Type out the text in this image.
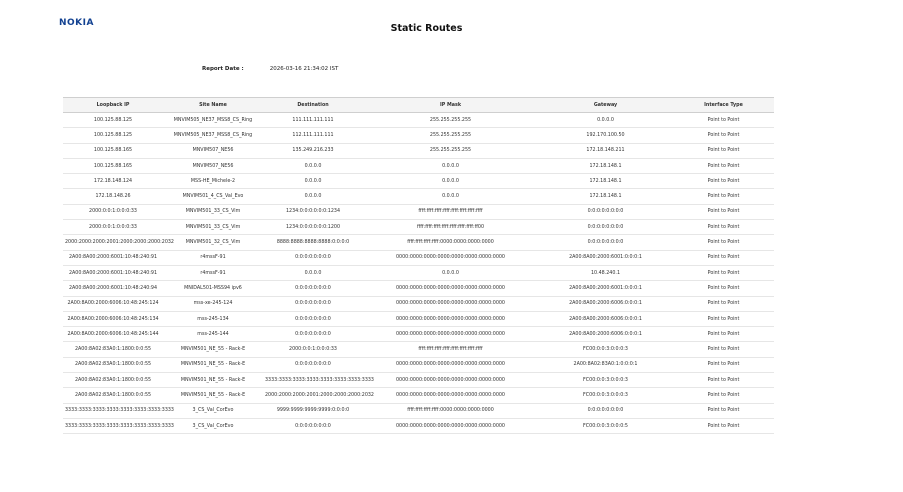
NOKIA	Static Routes
Report Date :	2026-03-16 21:34:02 IST
Loopback IP	Site Name	Destination	IP Mask	Gateway	Interface Type
100.125.88.125	MNVIM505_NE37_MSS8_CS_Ring	111.111.111.111	255.255.255.255	0.0.0.0	Point to Point
100.125.88.125	MNVIM505_NE37_MSS8_CS_Ring	112.111.111.111	255.255.255.255	192.170.100.50	Point to Point
100.125.88.165	MNVIM507_NE56	135.249.216.233	255.255.255.255	172.18.148.211	Point to Point
100.125.88.165	MNVIM507_NE56	0.0.0.0	0.0.0.0	172.18.148.1	Point to Point
172.18.148.124	MSS-HE_Michele-2	0.0.0.0	0.0.0.0	172.18.148.1	Point to Point
172.18.148.26	MNVIM501_4_CS_Val_Evo	0.0.0.0	0.0.0.0	172.18.148.1	Point to Point
2000:0:0:1:0:0:0:33	MNVIM501_33_CS_Vim	1234:0:0:0:0:0:0:1234	ffff:ffff:ffff:ffff:ffff:ffff:ffff:ffff	0:0:0:0:0:0:0:0	Point to Point
2000:0:0:1:0:0:0:33	MNVIM501_33_CS_Vim	1234:0:0:0:0:0:0:1200	ffff:ffff:ffff:ffff:ffff:ffff:ffff:ff00	0:0:0:0:0:0:0:0	Point to Point
2000:2000:2000:2001:2000:2000:2000:2032	MNVIM501_32_CS_Vim	8888:8888:8888:8888:0:0:0:0	ffff:ffff:ffff:ffff:0000:0000:0000:0000	0:0:0:0:0:0:0:0	Point to Point
2A00:8A00:2000:6001:10:48:240:91	r4mssF-91	0:0:0:0:0:0:0:0	0000:0000:0000:0000:0000:0000:0000:0000	2A00:8A00:2000:6001:0:0:0:1	Point to Point
2A00:8A00:2000:6001:10:48:240:91	r4mssF-91	0.0.0.0	0.0.0.0	10.48.240.1	Point to Point
2A00:8A00:2000:6001:10:48:240:94	MNIDAL501-MSS94 ipv6	0:0:0:0:0:0:0:0	0000:0000:0000:0000:0000:0000:0000:0000	2A00:8A00:2000:6001:0:0:0:1	Point to Point
2A00:8A00:2000:6006:10:48:245:124	mss-xe-245-124	0:0:0:0:0:0:0:0	0000:0000:0000:0000:0000:0000:0000:0000	2A00:8A00:2000:6006:0:0:0:1	Point to Point
2A00:8A00:2000:6006:10:48:245:134	mss-245-134	0:0:0:0:0:0:0:0	0000:0000:0000:0000:0000:0000:0000:0000	2A00:8A00:2000:6006:0:0:0:1	Point to Point
2A00:8A00:2000:6006:10:48:245:144	mss-245-144	0:0:0:0:0:0:0:0	0000:0000:0000:0000:0000:0000:0000:0000	2A00:8A00:2000:6006:0:0:0:1	Point to Point
2A00:8A02:83A0:1:1800:0:0:55	MNVIM501_NE_55 - Rack-E	2000:0:0:1:0:0:0:33	ffff:ffff:ffff:ffff:ffff:ffff:ffff:ffff	FC00:0:0:3:0:0:0:3	Point to Point
2A00:8A02:83A0:1:1800:0:0:55	MNVIM501_NE_55 - Rack-E	0:0:0:0:0:0:0:0	0000:0000:0000:0000:0000:0000:0000:0000	2A00:8A02:83A0:1:0:0:0:1	Point to Point
2A00:8A02:83A0:1:1800:0:0:55	MNVIM501_NE_55 - Rack-E	3333:3333:3333:3333:3333:3333:3333:3333	0000:0000:0000:0000:0000:0000:0000:0000	FC00:0:0:3:0:0:0:3	Point to Point
2A00:8A02:83A0:1:1800:0:0:55	MNVIM501_NE_55 - Rack-E	2000:2000:2000:2001:2000:2000:2000:2032	0000:0000:0000:0000:0000:0000:0000:0000	FC00:0:0:3:0:0:0:3	Point to Point
3333:3333:3333:3333:3333:3333:3333:3333	3_CS_Val_CorEvo	9999:9999:9999:9999:0:0:0:0	ffff:ffff:ffff:ffff:0000:0000:0000:0000	0:0:0:0:0:0:0:0	Point to Point
3333:3333:3333:3333:3333:3333:3333:3333	3_CS_Val_CorEvo	0:0:0:0:0:0:0:0	0000:0000:0000:0000:0000:0000:0000:0000	FC00:0:0:3:0:0:0:5	Point to Point
